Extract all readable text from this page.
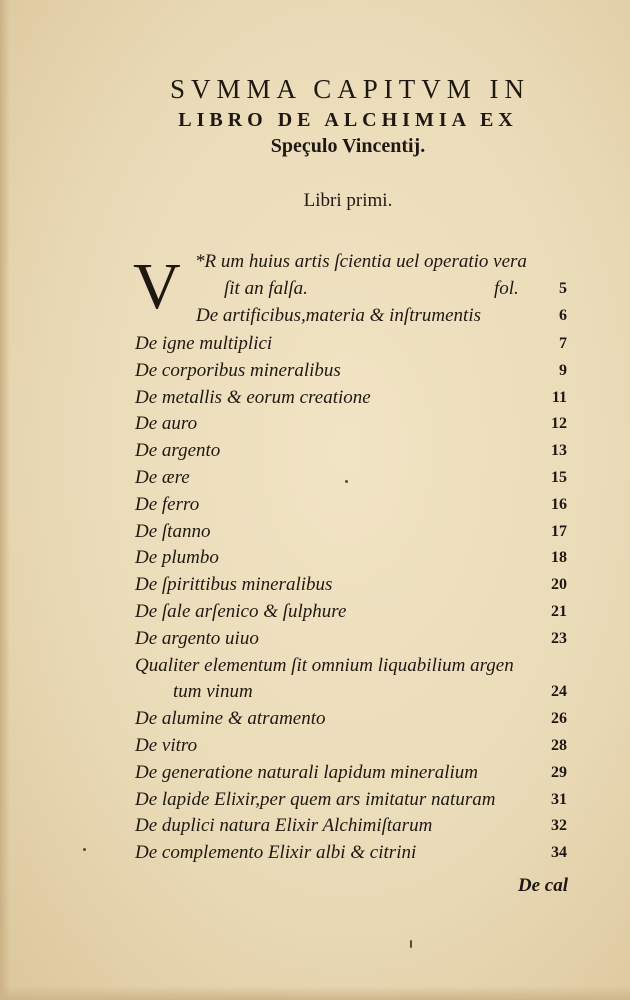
SVMMA CAPITVM IN
LIBRO DE ALCHIMIA EX
Speçulo Vincentij.
Libri primi.
V *R um huius artis ſcientia uel operatio vera
ſit an falſa.	fol.	5
De artificibus,materia & inſtrumentis	6
De igne multiplici	7
De corporibus mineralibus	9
De metallis & eorum creatione	11
De auro	12
De argento	13
De ære	15
De ferro	16
De ſtanno	17
De plumbo	18
De ſpirittibus mineralibus	20
De ſale arſenico & ſulphure	21
De argento uiuo	23
Qualiter elementum ſit omnium liquabilium argen
tum vinum	24
De alumine & atramento	26
De vitro	28
De generatione naturali lapidum mineralium	29
De lapide Elixir,per quem ars imitatur naturam	31
De duplici natura Elixir Alchimiſtarum	32
De complemento Elixir albi & citrini	34
De cal
